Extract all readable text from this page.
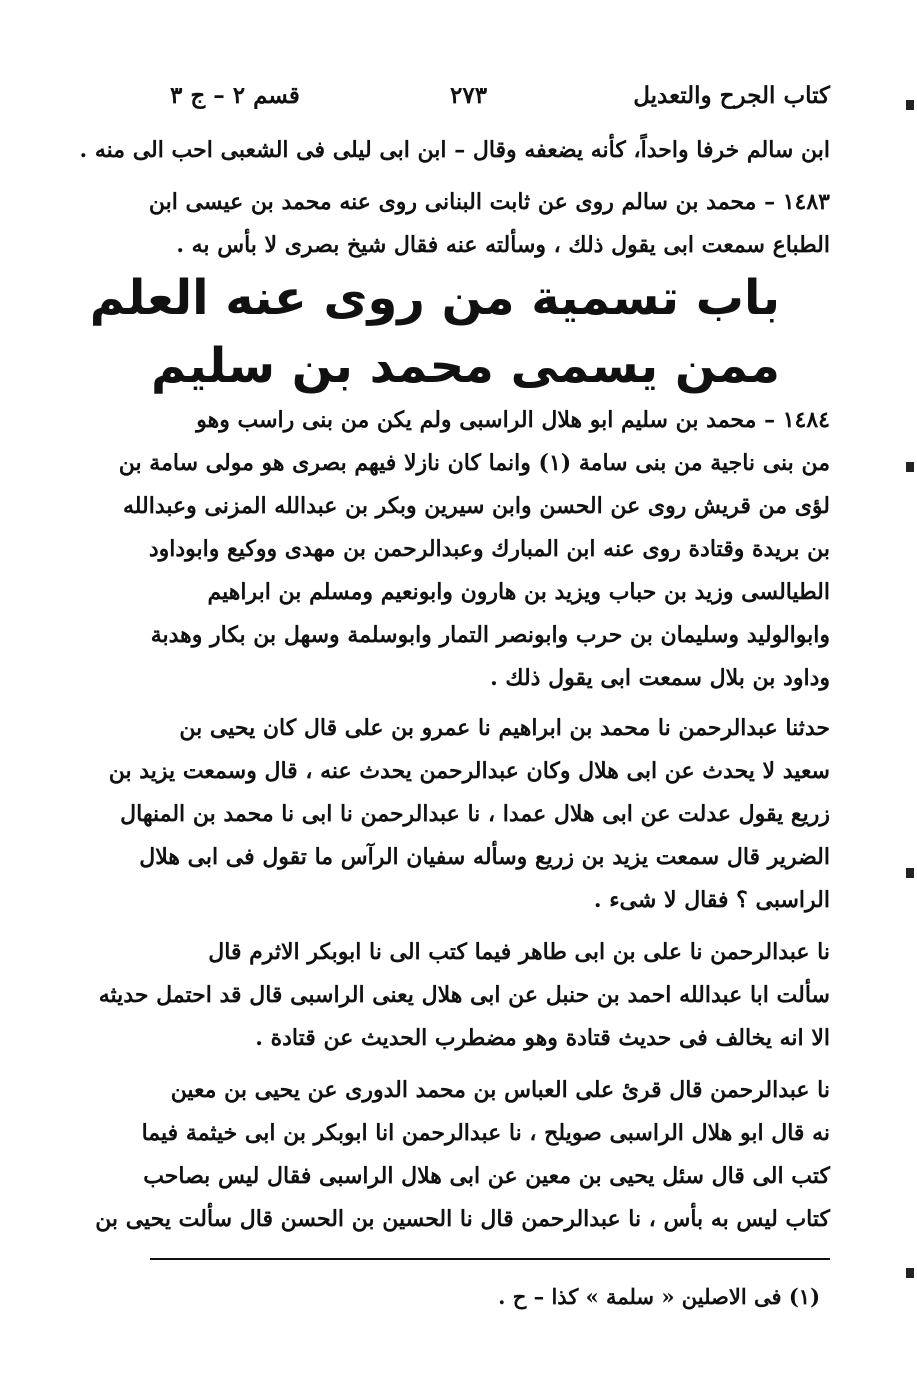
كتاب الجرح والتعديل
٢٧٣
قسم ٢ – ج ٣
ابن سالم خرفا واحداً، كأنه يضعفه وقال – ابن ابى ليلى فى الشعبى احب الى منه .
١٤٨٣ – محمد بن سالم روى عن ثابت البنانى روى عنه محمد بن عيسى ابن
الطباع سمعت ابى يقول ذلك ، وسألته عنه فقال شيخ بصرى لا بأس به .
باب تسمية من روى عنه العلم
ممن يسمى محمد بن سليم
١٤٨٤ – محمد بن سليم ابو هلال الراسبى ولم يكن من بنى راسب وهو
من بنى ناجية من بنى سامة (١) وانما كان نازلا فيهم بصرى هو مولى سامة بن
لؤى من قريش روى عن الحسن وابن سيرين وبكر بن عبدالله المزنى وعبدالله
بن بريدة وقتادة روى عنه ابن المبارك وعبدالرحمن بن مهدى ووكيع وابوداود
الطيالسى وزيد بن حباب ويزيد بن هارون وابونعيم ومسلم بن ابراهيم
وابوالوليد وسليمان بن حرب وابونصر التمار وابوسلمة وسهل بن بكار وهدبة
وداود بن بلال سمعت ابى يقول ذلك .
حدثنا عبدالرحمن نا محمد بن ابراهيم نا عمرو بن على قال كان يحيى بن
سعيد لا يحدث عن ابى هلال وكان عبدالرحمن يحدث عنه ، قال وسمعت يزيد بن
زريع يقول عدلت عن ابى هلال عمدا ، نا عبدالرحمن نا ابى نا محمد بن المنهال
الضرير قال سمعت يزيد بن زريع وسأله سفيان الرآس ما تقول فى ابى هلال
الراسبى ؟ فقال لا شىء .
نا عبدالرحمن نا على بن ابى طاهر فيما كتب الى نا ابوبكر الاثرم قال
سألت ابا عبدالله احمد بن حنبل عن ابى هلال يعنى الراسبى قال قد احتمل حديثه
الا انه يخالف فى حديث قتادة وهو مضطرب الحديث عن قتادة .
نا عبدالرحمن قال قرئ على العباس بن محمد الدورى عن يحيى بن معين
نه قال ابو هلال الراسبى صويلح ، نا عبدالرحمن انا ابوبكر بن ابى خيثمة فيما
كتب الى قال سئل يحيى بن معين عن ابى هلال الراسبى فقال ليس بصاحب
كتاب ليس به بأس ، نا عبدالرحمن قال نا الحسين بن الحسن قال سألت يحيى بن
(١) فى الاصلين « سلمة » كذا – ح .
